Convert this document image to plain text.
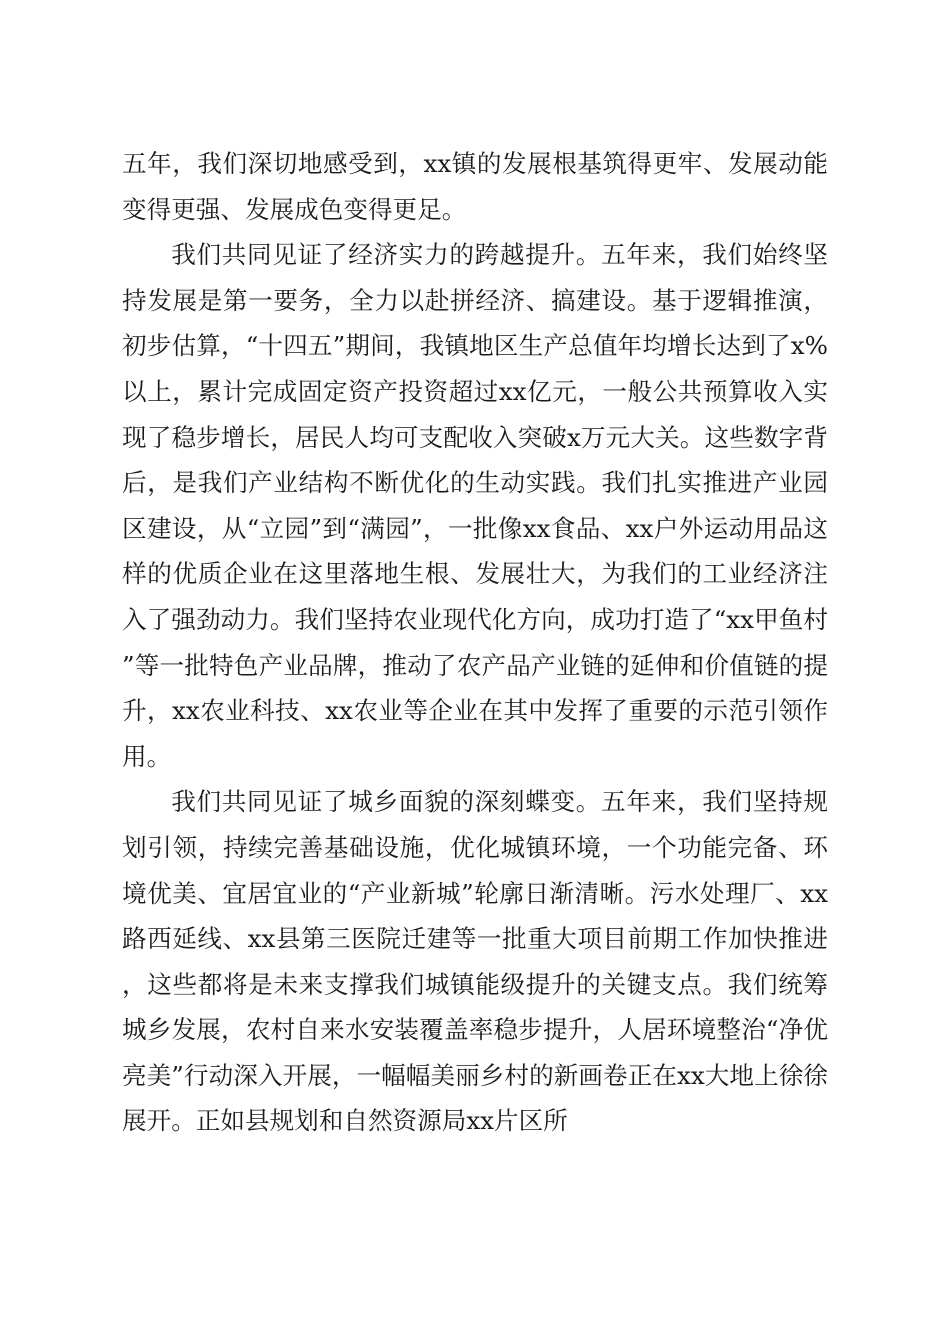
五年，我们深切地感受到，xx镇的发展根基筑得更牢、发展动能变得更强、发展成色变得更足。

我们共同见证了经济实力的跨越提升。五年来，我们始终坚持发展是第一要务，全力以赴拼经济、搞建设。基于逻辑推演，初步估算，“十四五”期间，我镇地区生产总值年均增长达到了x%以上，累计完成固定资产投资超过xx亿元，一般公共预算收入实现了稳步增长，居民人均可支配收入突破x万元大关。这些数字背后，是我们产业结构不断优化的生动实践。我们扎实推进产业园区建设，从“立园”到“满园”，一批像xx食品、xx户外运动用品这样的优质企业在这里落地生根、发展壮大，为我们的工业经济注入了强劲动力。我们坚持农业现代化方向，成功打造了“xx甲鱼村”等一批特色产业品牌，推动了农产品产业链的延伸和价值链的提升，xx农业科技、xx农业等企业在其中发挥了重要的示范引领作用。

我们共同见证了城乡面貌的深刻蝶变。五年来，我们坚持规划引领，持续完善基础设施，优化城镇环境，一个功能完备、环境优美、宜居宜业的“产业新城”轮廓日渐清晰。污水处理厂、xx路西延线、xx县第三医院迁建等一批重大项目前期工作加快推进，这些都将是未来支撑我们城镇能级提升的关键支点。我们统筹城乡发展，农村自来水安装覆盖率稳步提升，人居环境整治“净优亮美”行动深入开展，一幅幅美丽乡村的新画卷正在xx大地上徐徐展开。正如县规划和自然资源局xx片区所
